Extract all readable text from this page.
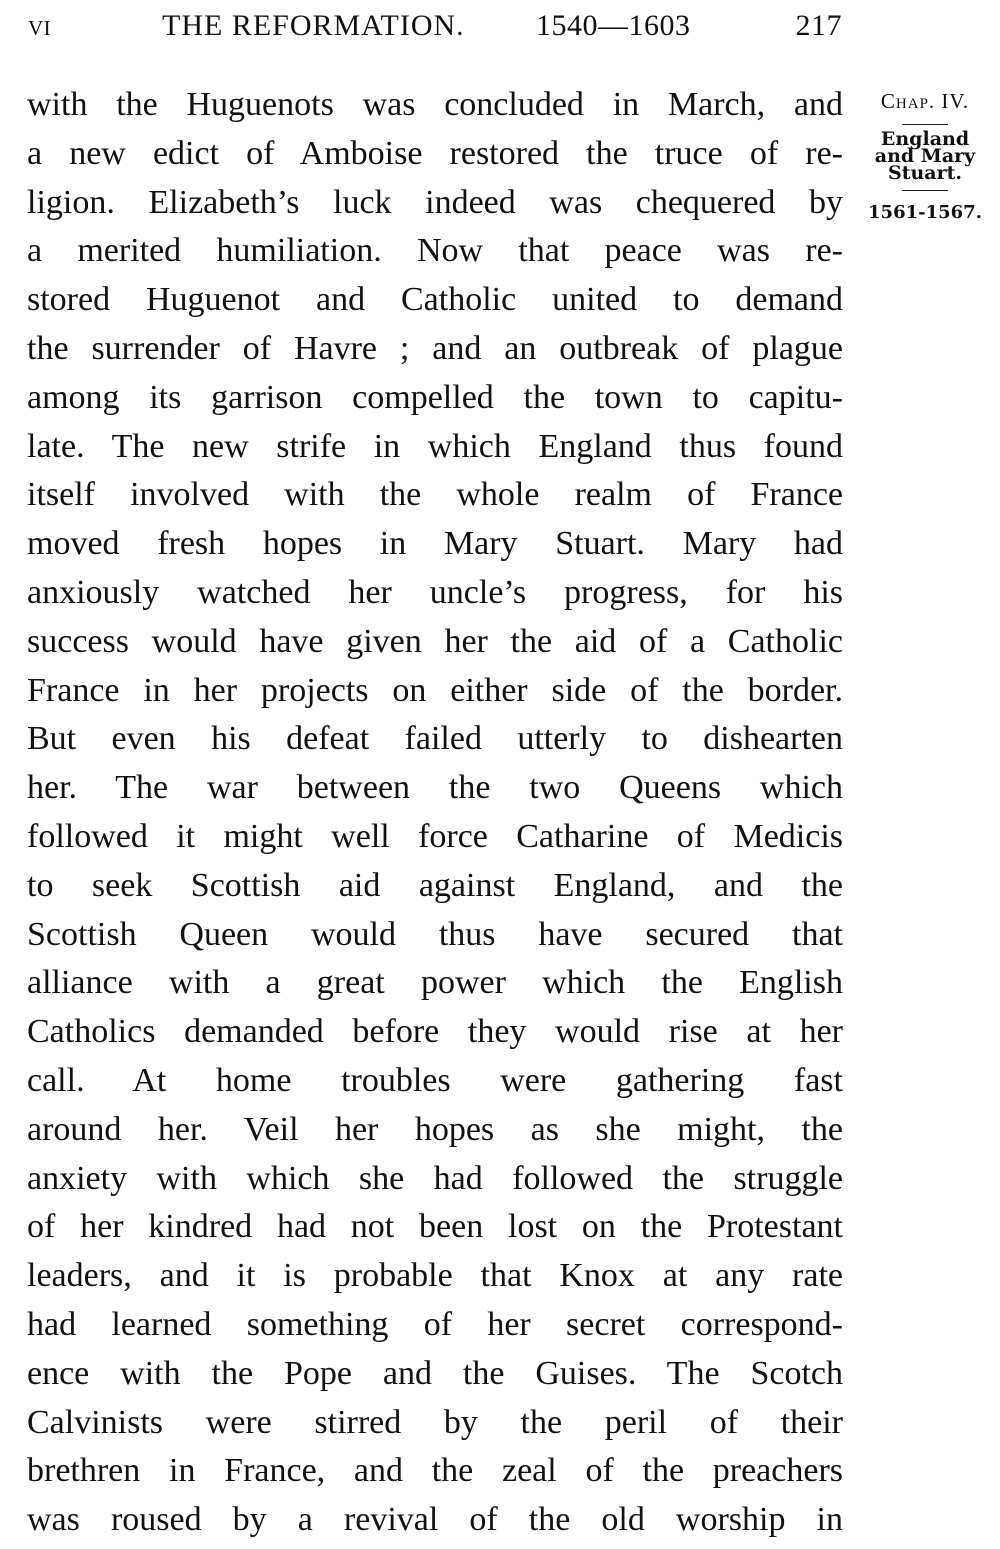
vi	THE REFORMATION. 1540—1603	217
with the Huguenots was concluded in March, and
a new edict of Amboise restored the truce of re-
ligion. Elizabeth’s luck indeed was chequered by
a merited humiliation. Now that peace was re-
stored Huguenot and Catholic united to demand
the surrender of Havre ; and an outbreak of plague
among its garrison compelled the town to capitu-
late. The new strife in which England thus found
itself involved with the whole realm of France
moved fresh hopes in Mary Stuart. Mary had
anxiously watched her uncle’s progress, for his
success would have given her the aid of a Catholic
France in her projects on either side of the border.
But even his defeat failed utterly to dishearten
her. The war between the two Queens which
followed it might well force Catharine of Medicis
to seek Scottish aid against England, and the
Scottish Queen would thus have secured that
alliance with a great power which the English
Catholics demanded before they would rise at her
call. At home troubles were gathering fast
around her. Veil her hopes as she might, the
anxiety with which she had followed the struggle
of her kindred had not been lost on the Protestant
leaders, and it is probable that Knox at any rate
had learned something of her secret correspond-
ence with the Pope and the Guises. The Scotch
Calvinists were stirred by the peril of their
brethren in France, and the zeal of the preachers
was roused by a revival of the old worship in
Chap. IV.
England
and Mary
Stuart.
1561-1567.
